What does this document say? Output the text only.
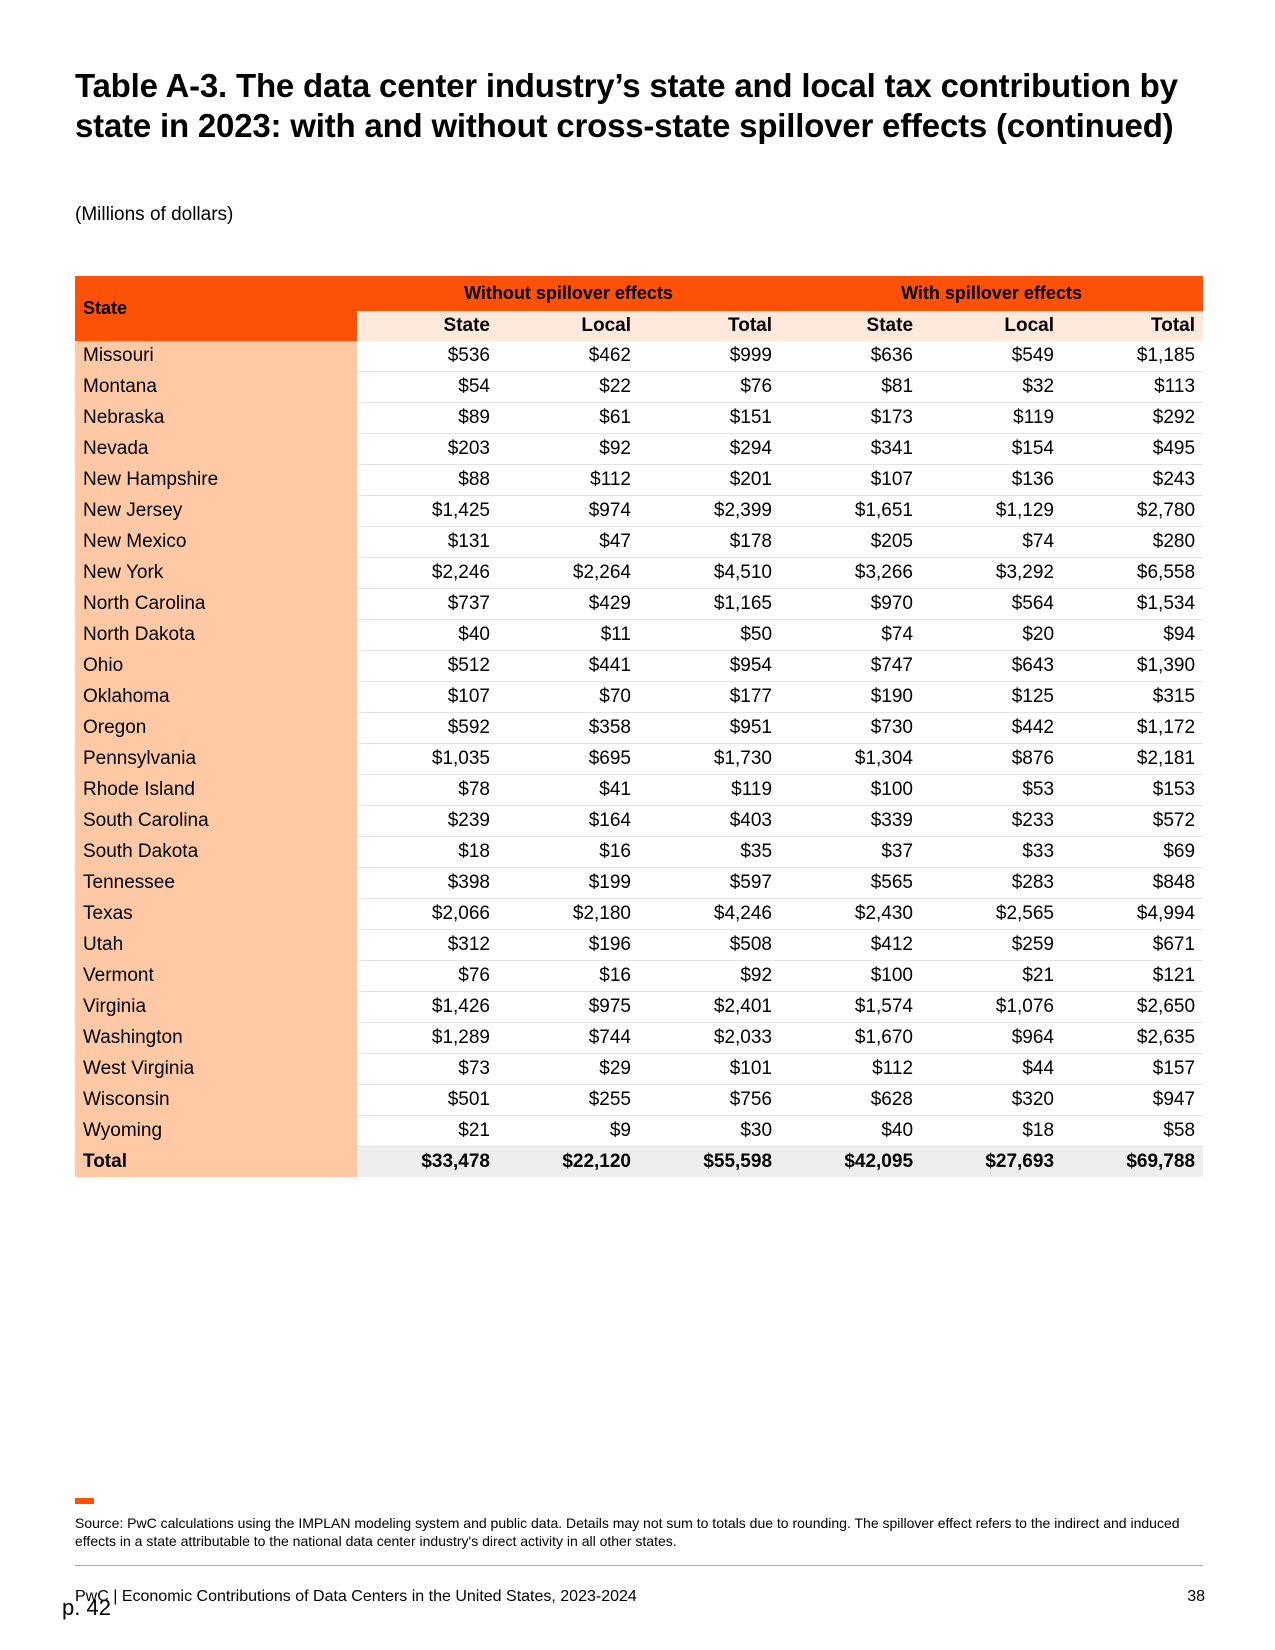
Table A-3. The data center industry’s state and local tax contribution by state in 2023: with and without cross-state spillover effects (continued)
(Millions of dollars)
State	Without spillover effects			With spillover effects		
	State	Local	Total	State	Local	Total
Missouri	$536	$462	$999	$636	$549	$1,185
Montana	$54	$22	$76	$81	$32	$113
Nebraska	$89	$61	$151	$173	$119	$292
Nevada	$203	$92	$294	$341	$154	$495
New Hampshire	$88	$112	$201	$107	$136	$243
New Jersey	$1,425	$974	$2,399	$1,651	$1,129	$2,780
New Mexico	$131	$47	$178	$205	$74	$280
New York	$2,246	$2,264	$4,510	$3,266	$3,292	$6,558
North Carolina	$737	$429	$1,165	$970	$564	$1,534
North Dakota	$40	$11	$50	$74	$20	$94
Ohio	$512	$441	$954	$747	$643	$1,390
Oklahoma	$107	$70	$177	$190	$125	$315
Oregon	$592	$358	$951	$730	$442	$1,172
Pennsylvania	$1,035	$695	$1,730	$1,304	$876	$2,181
Rhode Island	$78	$41	$119	$100	$53	$153
South Carolina	$239	$164	$403	$339	$233	$572
South Dakota	$18	$16	$35	$37	$33	$69
Tennessee	$398	$199	$597	$565	$283	$848
Texas	$2,066	$2,180	$4,246	$2,430	$2,565	$4,994
Utah	$312	$196	$508	$412	$259	$671
Vermont	$76	$16	$92	$100	$21	$121
Virginia	$1,426	$975	$2,401	$1,574	$1,076	$2,650
Washington	$1,289	$744	$2,033	$1,670	$964	$2,635
West Virginia	$73	$29	$101	$112	$44	$157
Wisconsin	$501	$255	$756	$628	$320	$947
Wyoming	$21	$9	$30	$40	$18	$58
Total	$33,478	$22,120	$55,598	$42,095	$27,693	$69,788
Source: PwC calculations using the IMPLAN modeling system and public data. Details may not sum to totals due to rounding. The spillover effect refers to the indirect and induced effects in a state attributable to the national data center industry's direct activity in all other states.
PwC | Economic Contributions of Data Centers in the United States, 2023-2024	38
p. 42
